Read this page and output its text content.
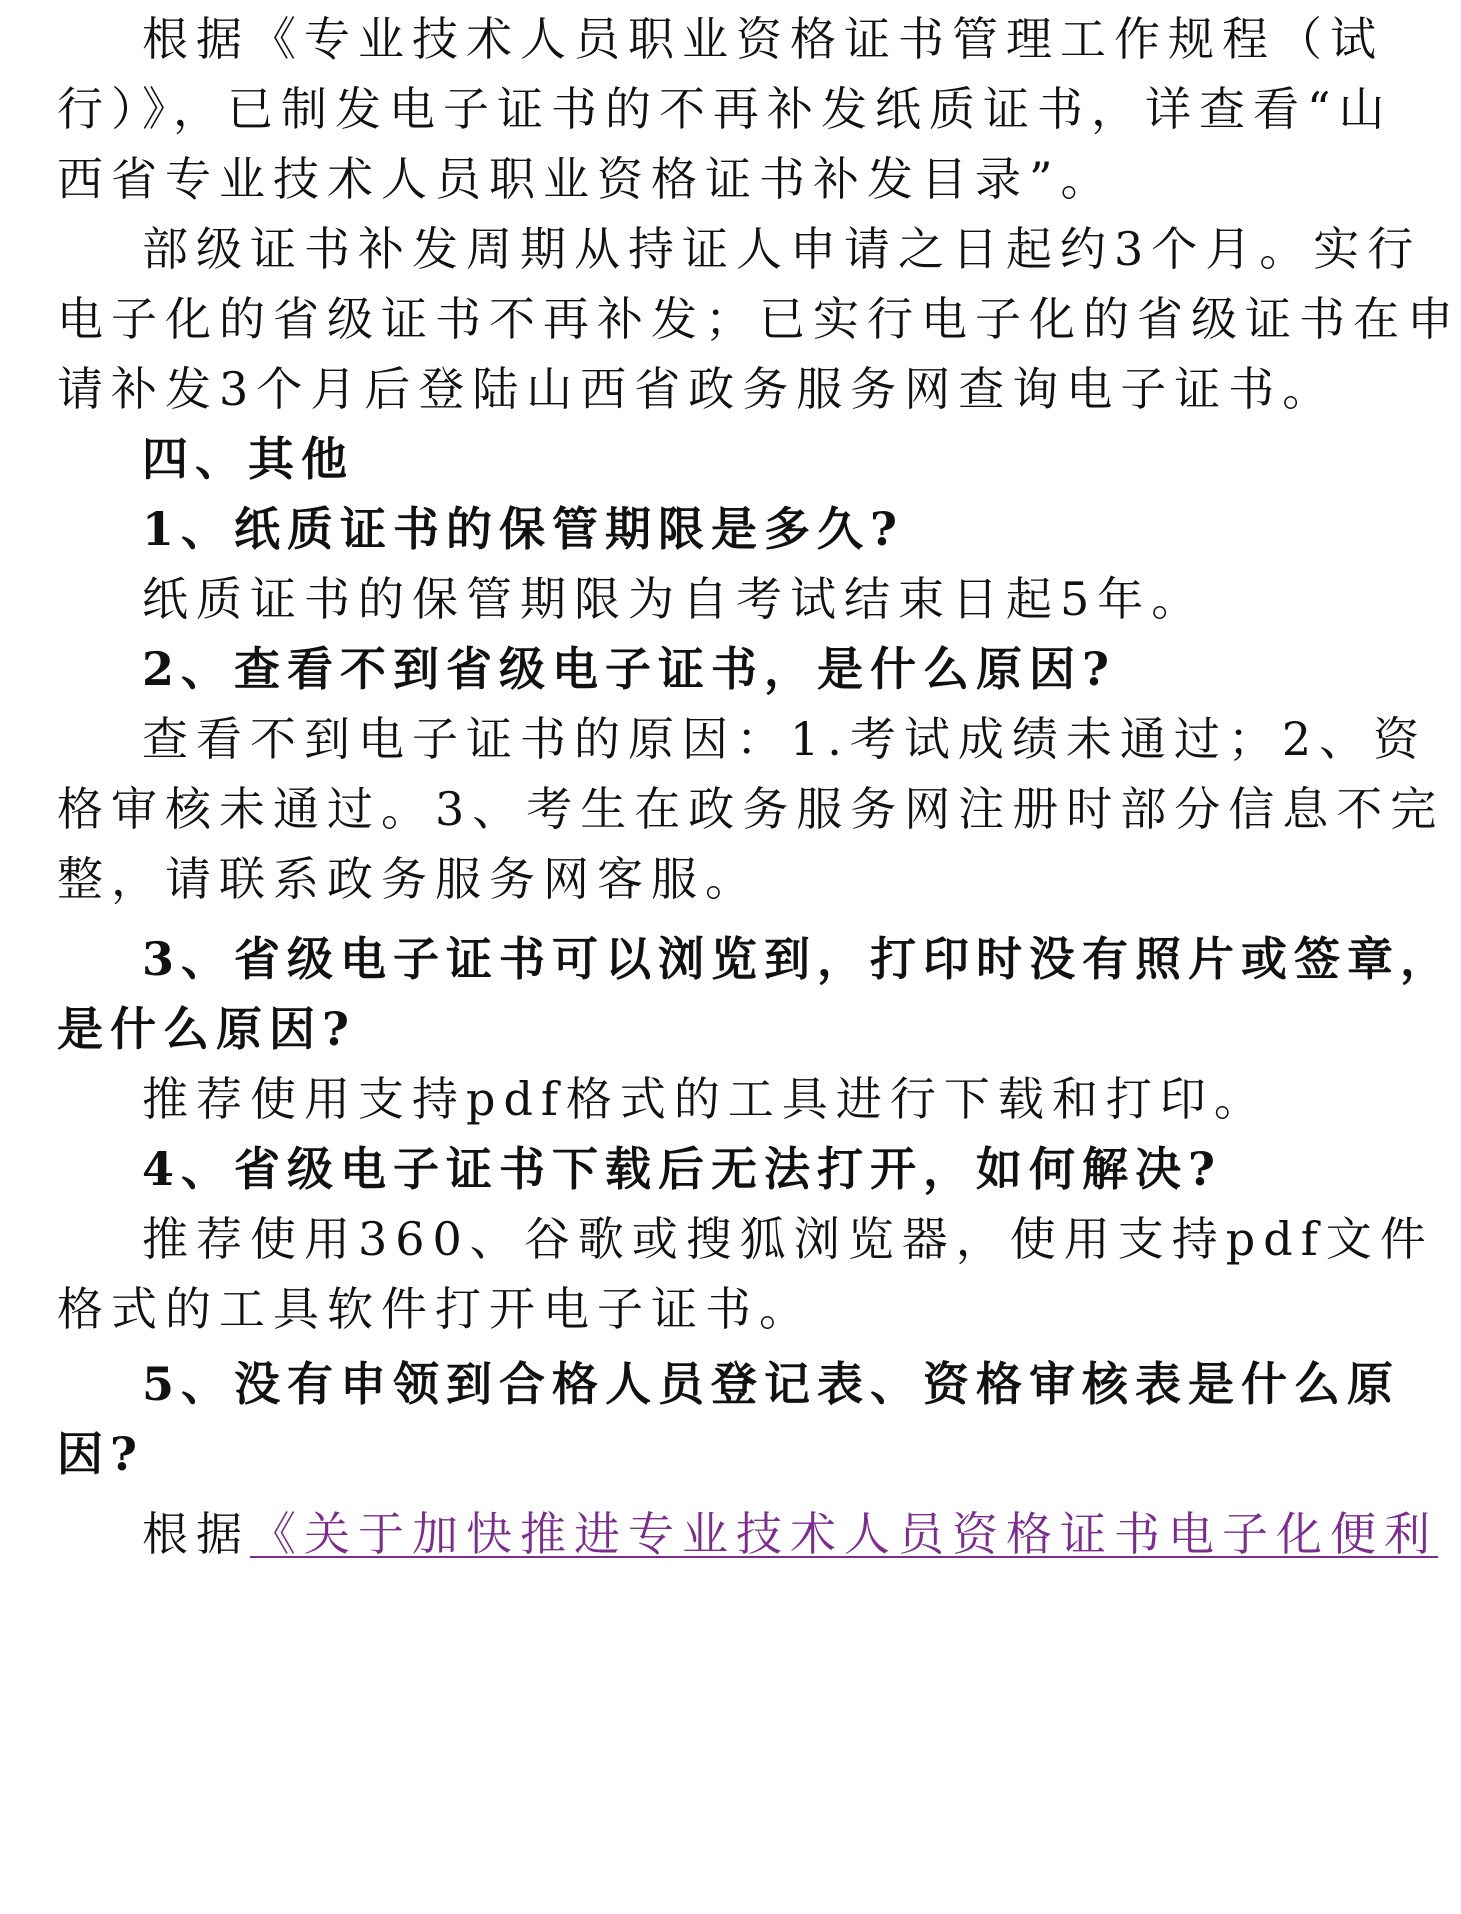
根据《专业技术人员职业资格证书管理工作规程（试
行）》，已制发电子证书的不再补发纸质证书，详查看“山
西省专业技术人员职业资格证书补发目录”。
部级证书补发周期从持证人申请之日起约3个月。实行
电子化的省级证书不再补发；已实行电子化的省级证书在申
请补发3个月后登陆山西省政务服务网查询电子证书。
四、其他
1、纸质证书的保管期限是多久?
纸质证书的保管期限为自考试结束日起5年。
2、查看不到省级电子证书，是什么原因?
查看不到电子证书的原因：1.考试成绩未通过；2、资
格审核未通过。3、考生在政务服务网注册时部分信息不完
整，请联系政务服务网客服。
3、省级电子证书可以浏览到，打印时没有照片或签章，
是什么原因?
推荐使用支持pdf格式的工具进行下载和打印。
4、省级电子证书下载后无法打开，如何解决?
推荐使用360、谷歌或搜狐浏览器，使用支持pdf文件
格式的工具软件打开电子证书。
5、没有申领到合格人员登记表、资格审核表是什么原
因?
根据《关于加快推进专业技术人员资格证书电子化便利
